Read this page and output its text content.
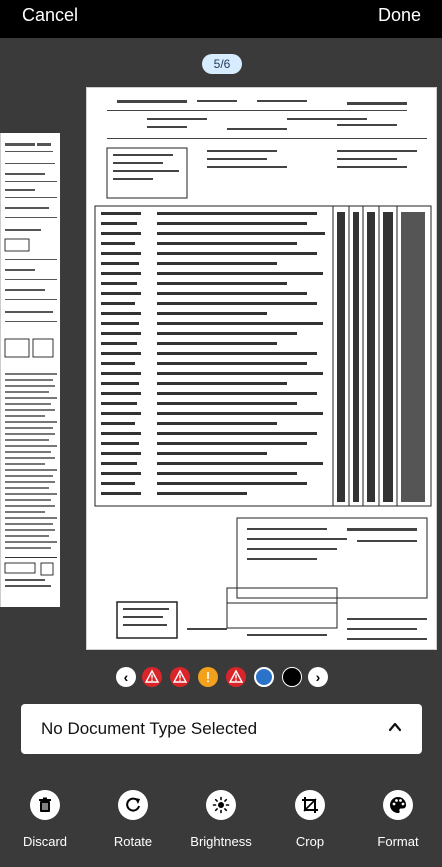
Cancel	Done
5/6
‹	›
No Document Type Selected
Discard	Rotate	Brightness	Crop	Format
